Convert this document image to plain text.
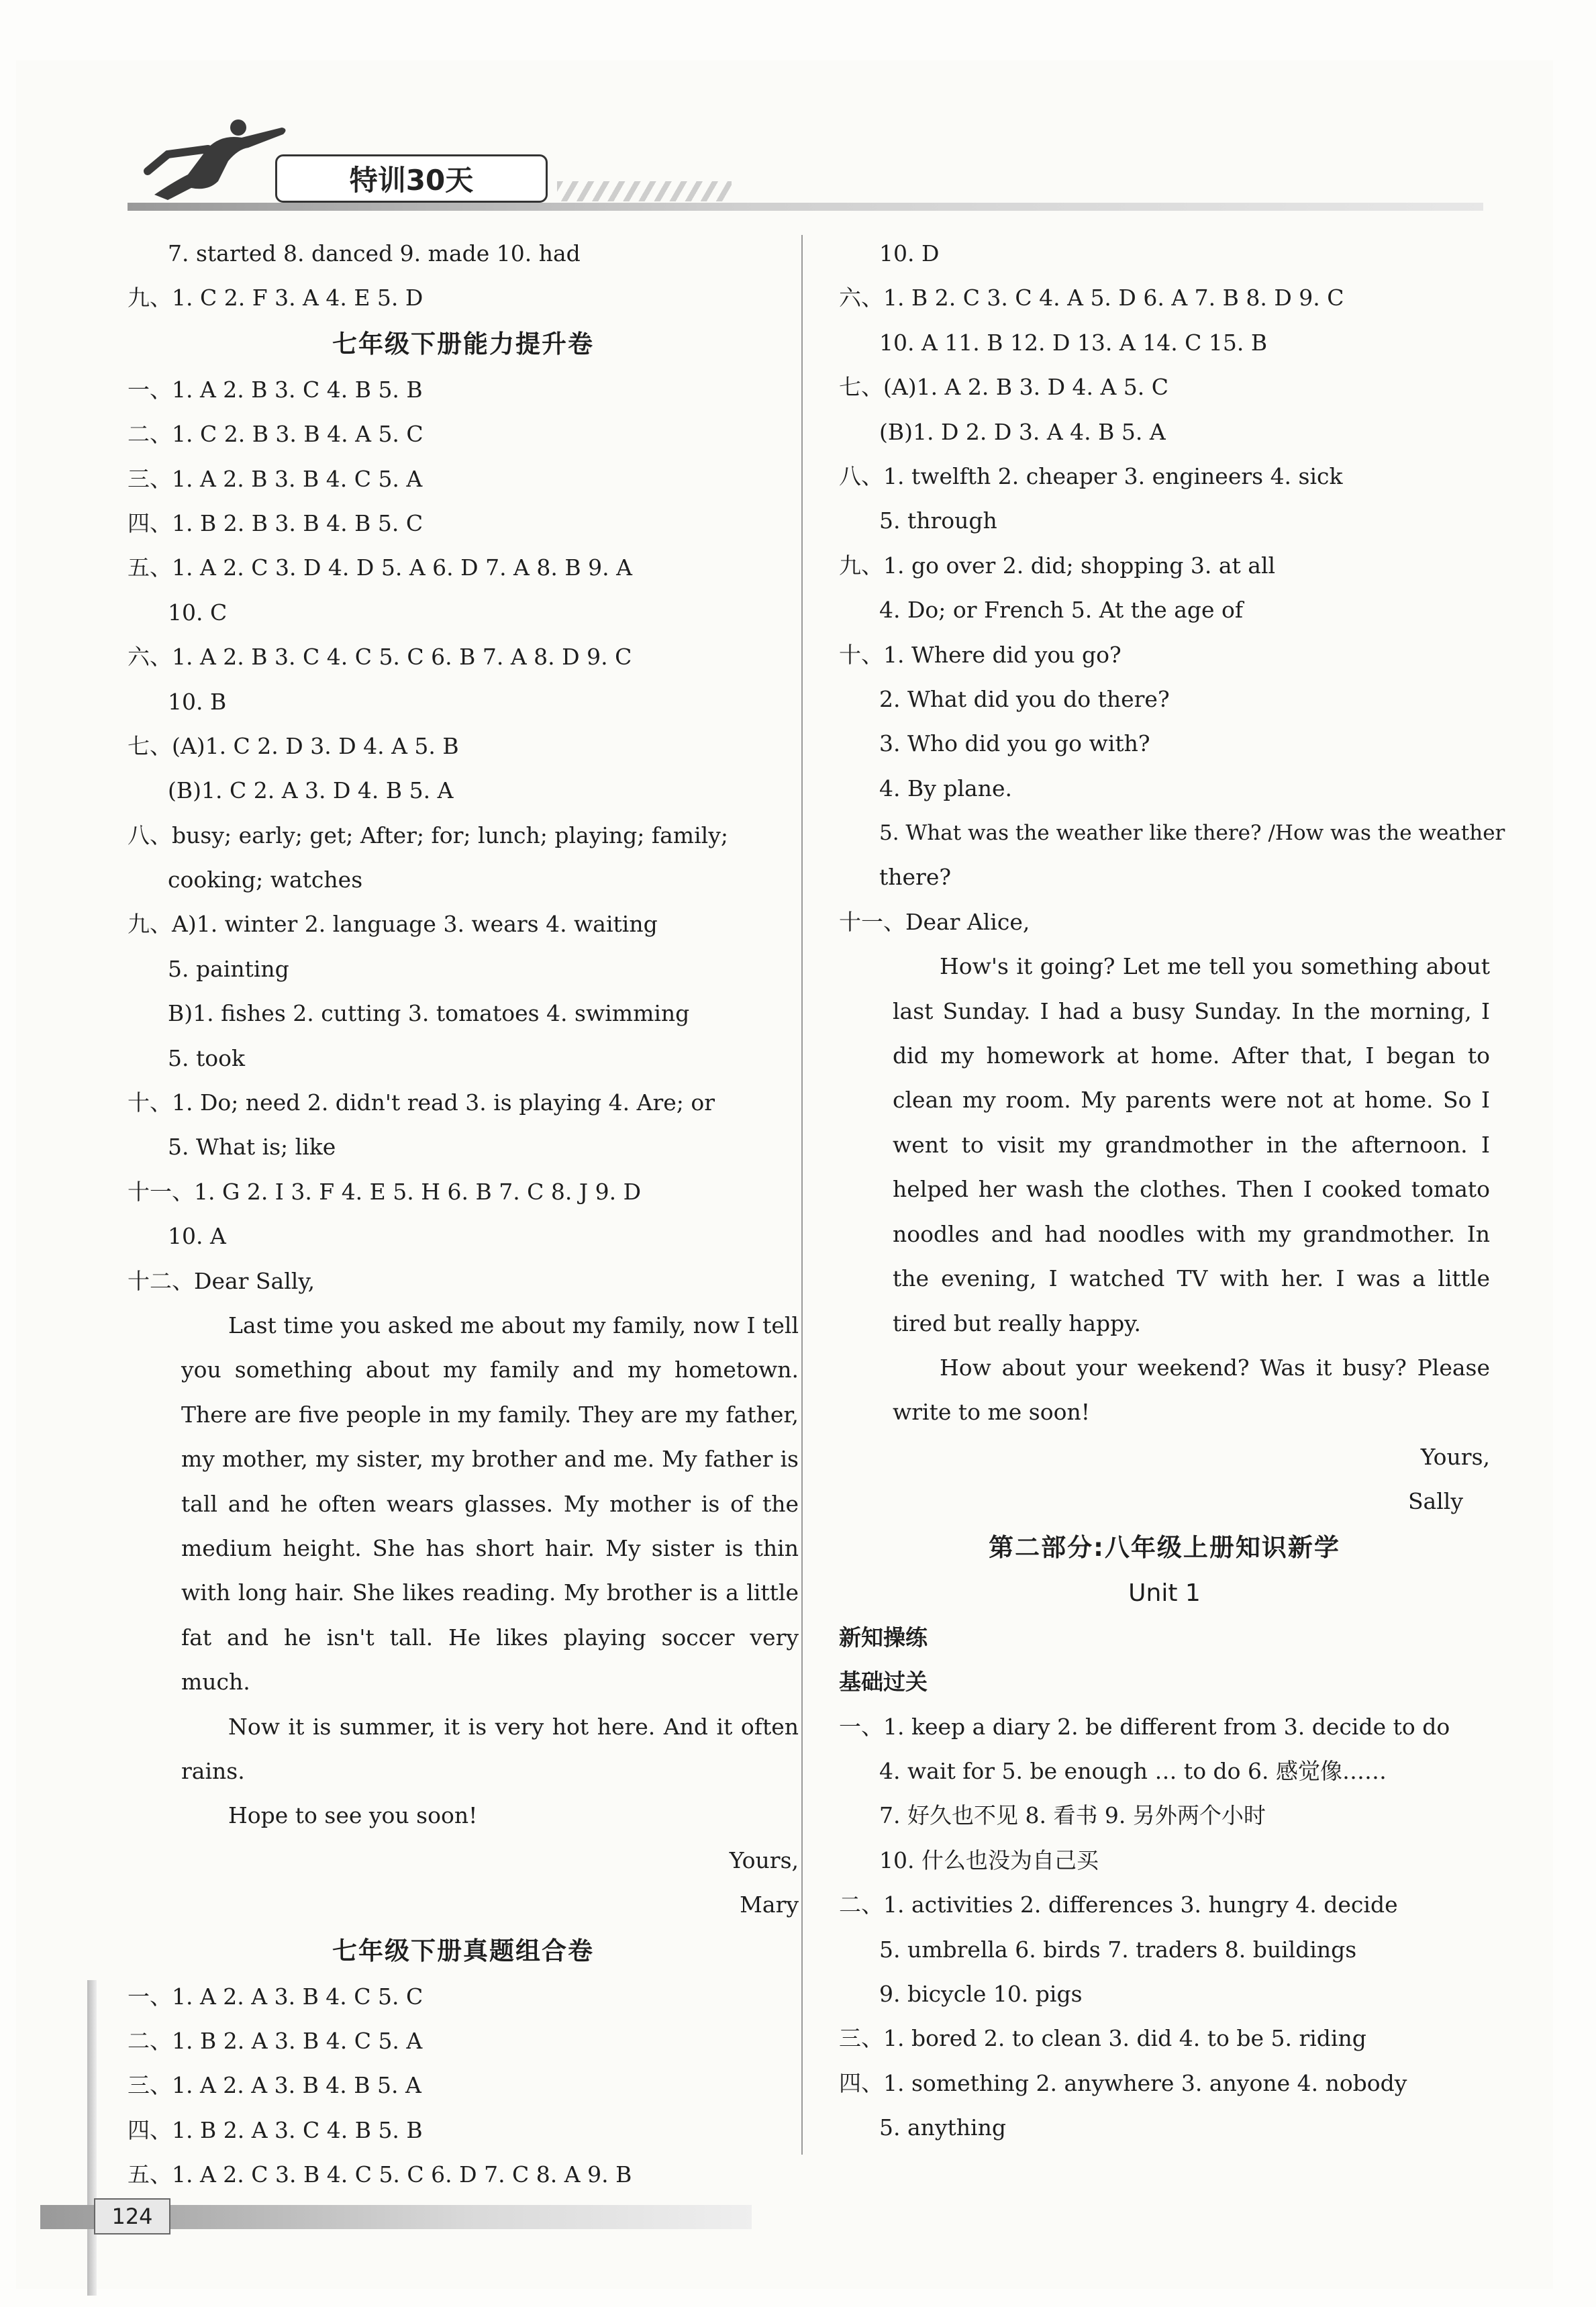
特训30天
7. started 8. danced 9. made 10. had
九、1. C 2. F 3. A 4. E 5. D
七年级下册能力提升卷
一、1. A 2. B 3. C 4. B 5. B
二、1. C 2. B 3. B 4. A 5. C
三、1. A 2. B 3. B 4. C 5. A
四、1. B 2. B 3. B 4. B 5. C
五、1. A 2. C 3. D 4. D 5. A 6. D 7. A 8. B 9. A
10. C
六、1. A 2. B 3. C 4. C 5. C 6. B 7. A 8. D 9. C
10. B
七、(A)1. C 2. D 3. D 4. A 5. B
(B)1. C 2. A 3. D 4. B 5. A
八、busy; early; get; After; for; lunch; playing; family;
cooking; watches
九、A)1. winter 2. language 3. wears 4. waiting
5. painting
B)1. fishes 2. cutting 3. tomatoes 4. swimming
5. took
十、1. Do; need 2. didn't read 3. is playing 4. Are; or
5. What is; like
十一、1. G 2. I 3. F 4. E 5. H 6. B 7. C 8. J 9. D
10. A
十二、Dear Sally,

Last time you asked me about my family, now I tell you something about my family and my hometown. There are five people in my family. They are my father, my mother, my sister, my brother and me. My father is tall and he often wears glasses. My mother is of the medium height. She has short hair. My sister is thin with long hair. She likes reading. My brother is a little fat and he isn't tall. He likes playing soccer very much.

Now it is summer, it is very hot here. And it often rains.

Hope to see you soon!

Yours,
Mary
七年级下册真题组合卷
一、1. A 2. A 3. B 4. C 5. C
二、1. B 2. A 3. B 4. C 5. A
三、1. A 2. A 3. B 4. B 5. A
四、1. B 2. A 3. C 4. B 5. B
五、1. A 2. C 3. B 4. C 5. C 6. D 7. C 8. A 9. B
10. D
六、1. B 2. C 3. C 4. A 5. D 6. A 7. B 8. D 9. C
10. A 11. B 12. D 13. A 14. C 15. B
七、(A)1. A 2. B 3. D 4. A 5. C
(B)1. D 2. D 3. A 4. B 5. A
八、1. twelfth 2. cheaper 3. engineers 4. sick
5. through
九、1. go over 2. did; shopping 3. at all
4. Do; or French 5. At the age of
十、1. Where did you go?
2. What did you do there?
3. Who did you go with?
4. By plane.
5. What was the weather like there? /How was the weather
there?
十一、Dear Alice,

How's it going? Let me tell you something about last Sunday. I had a busy Sunday. In the morning, I did my homework at home. After that, I began to clean my room. My parents were not at home. So I went to visit my grandmother in the afternoon. I helped her wash the clothes. Then I cooked tomato noodles and had noodles with my grandmother. In the evening, I watched TV with her. I was a little tired but really happy.

How about your weekend? Was it busy? Please write to me soon!

Yours,
Sally
第二部分:八年级上册知识新学
Unit 1
新知操练
基础过关
一、1. keep a diary 2. be different from 3. decide to do
4. wait for 5. be enough … to do 6. 感觉像……
7. 好久也不见 8. 看书 9. 另外两个小时
10. 什么也没为自己买
二、1. activities 2. differences 3. hungry 4. decide
5. umbrella 6. birds 7. traders 8. buildings
9. bicycle 10. pigs
三、1. bored 2. to clean 3. did 4. to be 5. riding
四、1. something 2. anywhere 3. anyone 4. nobody
5. anything
124
